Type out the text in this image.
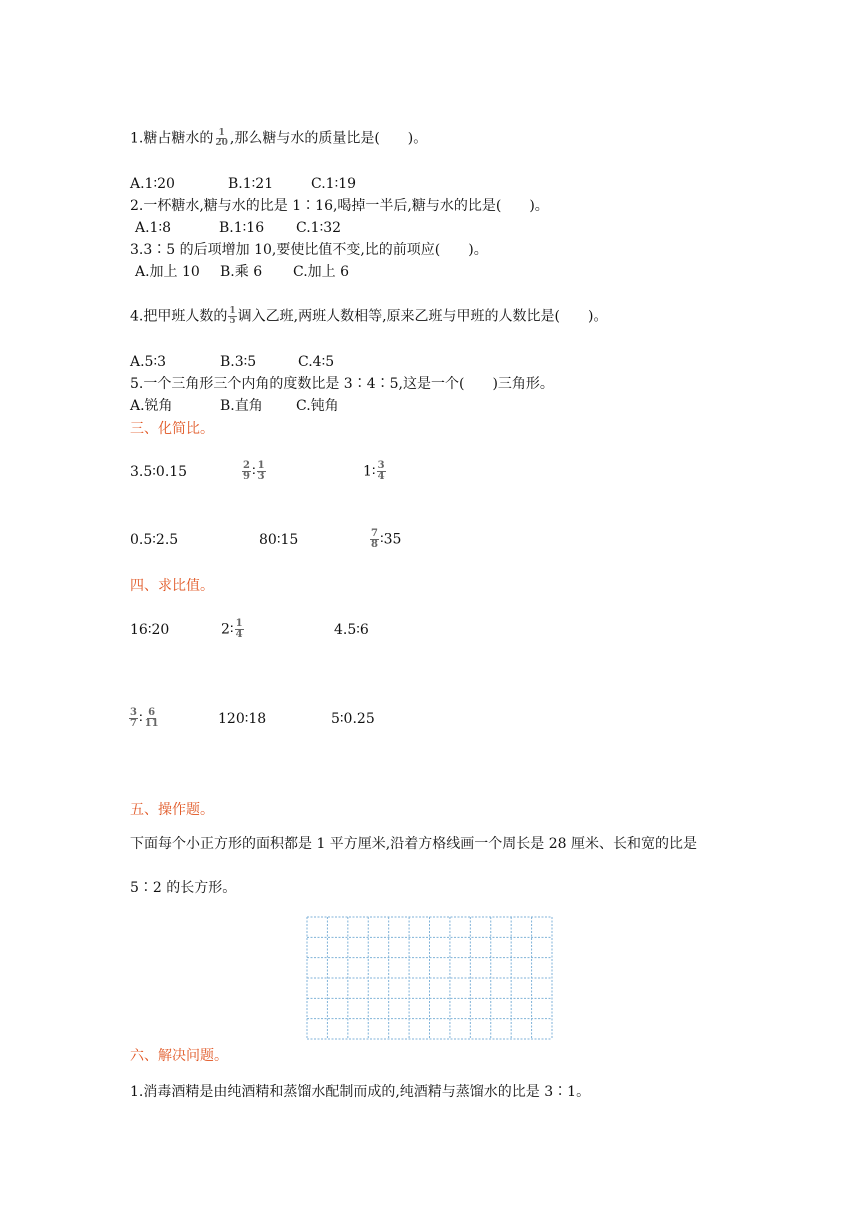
1.糖占糖水的 $\frac{1}{20}$ ,那么糖与水的质量比是(　　)。
A.1∶20	B.1∶21	C.1∶19
2.一杯糖水,糖与水的比是 1∶16,喝掉一半后,糖与水的比是(　　)。
A.1∶8	B.1∶16 C.1∶32
3.3∶5 的后项增加 10,要使比值不变,比的前项应(　　)。
A.加上 10 B.乘 6 C.加上 6
4.把甲班人数的 $\frac{1}{5}$ 调入乙班,两班人数相等,原来乙班与甲班的人数比是(　　)。
A.5∶3	B.3∶5	C.4∶5
5.一个三角形三个内角的度数比是 3∶4∶5,这是一个(　　)三角形。
A.锐角	B.直角 C.钝角
三、化简比。
3.5∶0.15	$\frac{2}{9}$ ∶ $\frac{1}{3}$	1∶ $\frac{3}{4}$
0.5∶2.5	80∶15	$\frac{7}{8}$ ∶35
四、求比值。
16∶20	2∶ $\frac{1}{4}$	4.5∶6
$\frac{3}{7}$ ∶ $\frac{6}{11}$	120∶18	5∶0.25
五、操作题。
下面每个小正方形的面积都是 1 平方厘米,沿着方格线画一个周长是 28 厘米、长和宽的比是
5∶2 的长方形。
六、解决问题。
1.消毒酒精是由纯酒精和蒸馏水配制而成的,纯酒精与蒸馏水的比是 3∶1。
